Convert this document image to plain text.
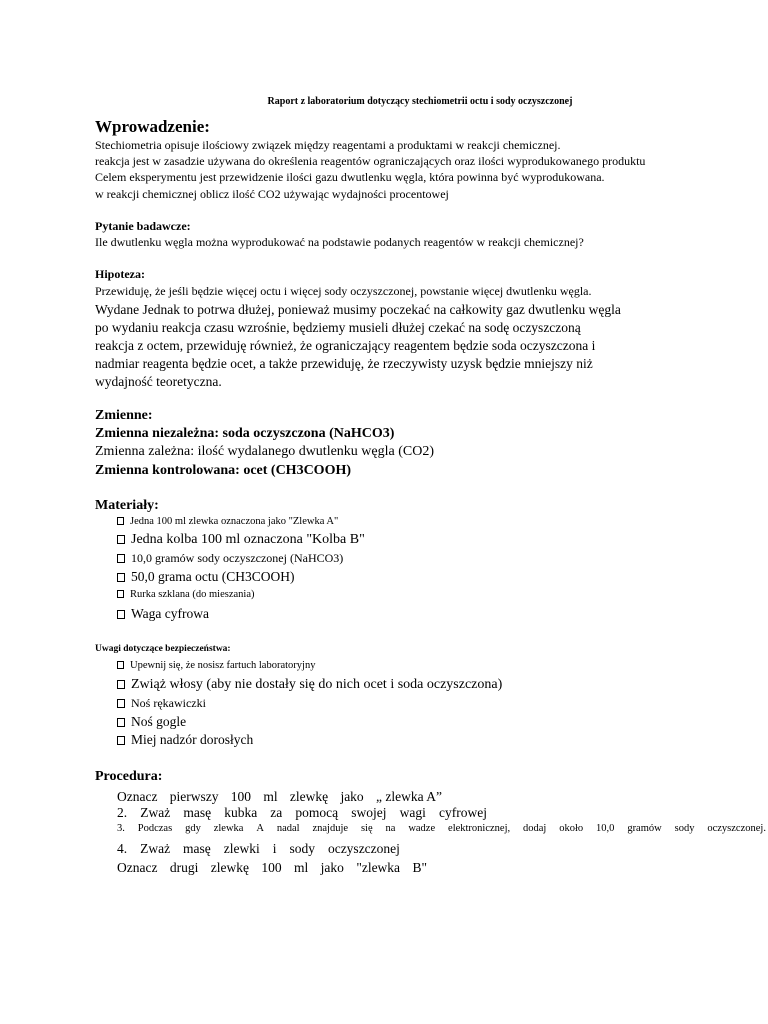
Raport z laboratorium dotyczący stechiometrii octu i sody oczyszczonej
Wprowadzenie:
Stechiometria opisuje ilościowy związek między reagentami a produktami w reakcji chemicznej.
reakcja jest w zasadzie używana do określenia reagentów ograniczających oraz ilości wyprodukowanego produktu
Celem eksperymentu jest przewidzenie ilości gazu dwutlenku węgla, która powinna być wyprodukowana.
w reakcji chemicznej oblicz ilość CO2 używając wydajności procentowej
Pytanie badawcze:
Ile dwutlenku węgla można wyprodukować na podstawie podanych reagentów w reakcji chemicznej?
Hipoteza:
Przewiduję, że jeśli będzie więcej octu i więcej sody oczyszczonej, powstanie więcej dwutlenku węgla.
Wydane Jednak to potrwa dłużej, ponieważ musimy poczekać na całkowity gaz dwutlenku węgla
po wydaniu reakcja czasu wzrośnie, będziemy musieli dłużej czekać na sodę oczyszczoną
reakcja z octem, przewiduję również, że ograniczający reagentem będzie soda oczyszczona i
nadmiar reagenta będzie ocet, a także przewiduję, że rzeczywisty uzysk będzie mniejszy niż
wydajność teoretyczna.
Zmienne:
Zmienna niezależna: soda oczyszczona (NaHCO3)
Zmienna zależna: ilość wydalanego dwutlenku węgla (CO2)
Zmienna kontrolowana: ocet (CH3COOH)
Materiały:
Jedna 100 ml zlewka oznaczona jako "Zlewka A"
Jedna kolba 100 ml oznaczona "Kolba B"
10,0 gramów sody oczyszczonej (NaHCO3)
50,0 grama octu (CH3COOH)
Rurka szklana (do mieszania)
Waga cyfrowa
Uwagi dotyczące bezpieczeństwa:
Upewnij się, że nosisz fartuch laboratoryjny
Zwiąż włosy (aby nie dostały się do nich ocet i soda oczyszczona)
Noś rękawiczki
Noś gogle
Miej nadzór dorosłych
Procedura:
Oznacz pierwszy 100 ml zlewkę jako „ zlewka A”
2. Zważ masę kubka za pomocą swojej wagi cyfrowej
3. Podczas gdy zlewka A nadal znajduje się na wadze elektronicznej, dodaj około 10,0 gramów sody oczyszczonej.
4. Zważ masę zlewki i sody oczyszczonej
Oznacz drugi zlewkę 100 ml jako "zlewka B"
